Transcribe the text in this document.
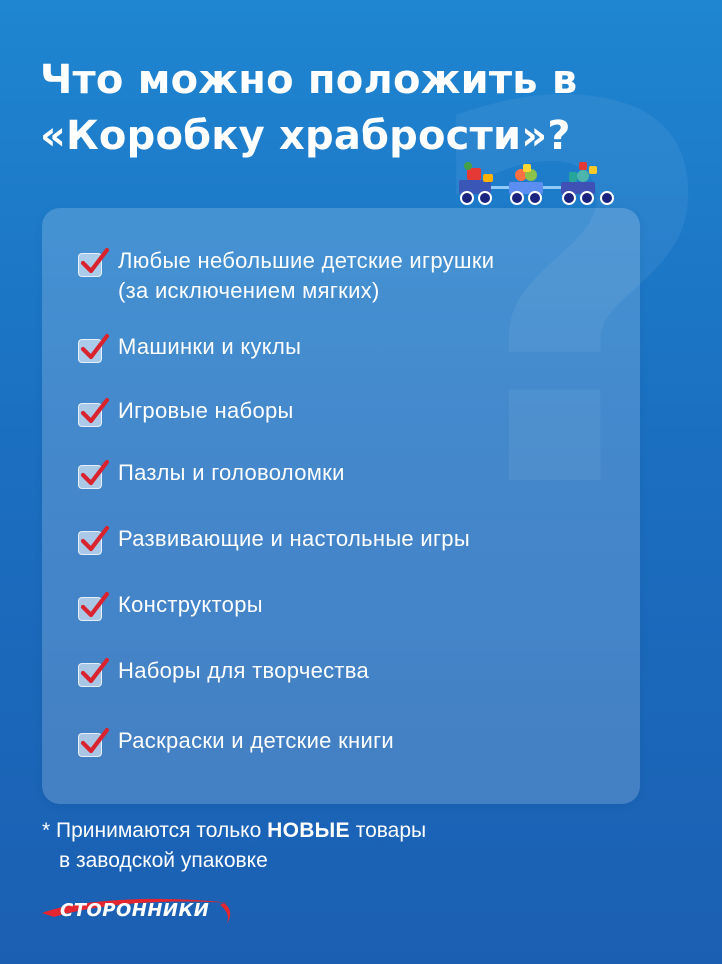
?
Что можно положить в
«Коробку храбрости»?
Любые небольшие детские игрушки
(за исключением мягких)
Машинки и куклы
Игровые наборы
Пазлы и головоломки
Развивающие и настольные игры
Конструкторы
Наборы для творчества
Раскраски и детские книги
* Принимаются только НОВЫЕ товары
в заводской упаковке
СТОРОННИКИ
